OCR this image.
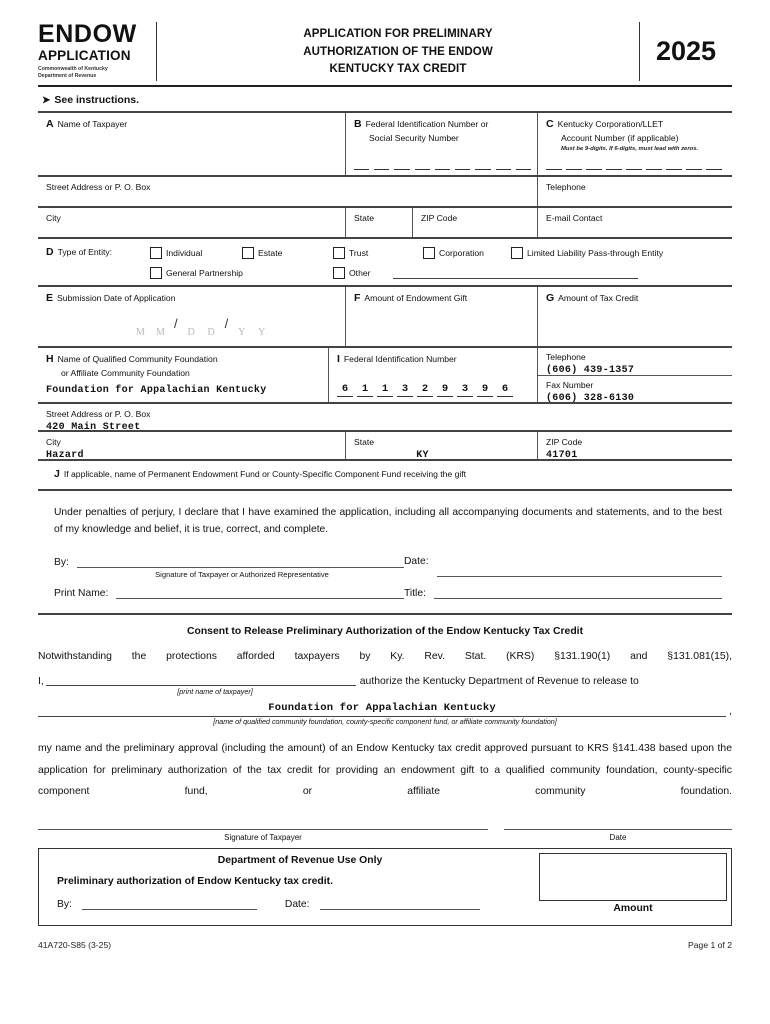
ENDOW
APPLICATION
Commonwealth of Kentucky
Department of Revenue
APPLICATION FOR PRELIMINARY
AUTHORIZATION OF THE ENDOW
KENTUCKY TAX CREDIT
2025
➤ See instructions.
A Name of Taxpayer	B Federal Identification Number or
Social Security Number
C Kentucky Corporation/LLET
Account Number (if applicable)
Must be 9-digits. If 6-digits, must lead with zeros.
Street Address or P. O. Box	Telephone
City	State	ZIP Code	E-mail Contact
D Type of Entity:	Individual	Estate	Trust	Corporation	Limited Liability Pass-through Entity
General Partnership	Other
E Submission Date of Application
M	M
/
D	D
/
Y	Y
F Amount of Endowment Gift	G Amount of Tax Credit
H Name of Qualified Community Foundation
or Affiliate Community Foundation
Foundation for Appalachian Kentucky
I Federal Identification Number
6	1	1	3	2	9	3	9	6
Telephone
(606) 439-1357
Fax Number
(606) 328-6130
Street Address or P. O. Box
420 Main Street
City
Hazard
State
KY
ZIP Code
41701
J If applicable, name of Permanent Endowment Fund or County-Specific Component Fund receiving the gift

Under penalties of perjury, I declare that I have examined the application, including all accompanying documents and statements, and to the best of my knowledge and belief, it is true, correct, and complete.

By:
Signature of Taxpayer or Authorized Representative
Date:
Print Name:	Title:
Consent to Release Preliminary Authorization of the Endow Kentucky Tax Credit

Notwithstanding the protections afforded taxpayers by Ky. Rev. Stat. (KRS) §131.190(1) and §131.081(15),

I,	authorize the Kentucky Department of Revenue to release to
[print name of taxpayer]
Foundation for Appalachian Kentucky	,
[name of qualified community foundation, county-specific component fund, or affiliate community foundation]

my name and the preliminary approval (including the amount) of an Endow Kentucky tax credit approved pursuant to KRS §141.438 based upon the application for preliminary authorization of the tax credit for providing an endowment gift to a qualified community foundation, county-specific component fund, or affiliate community foundation.

Signature of Taxpayer	Date
Department of Revenue Use Only
Preliminary authorization of Endow Kentucky tax credit.
By:	Date:	Amount
41A720-S85 (3-25)	Page 1 of 2
